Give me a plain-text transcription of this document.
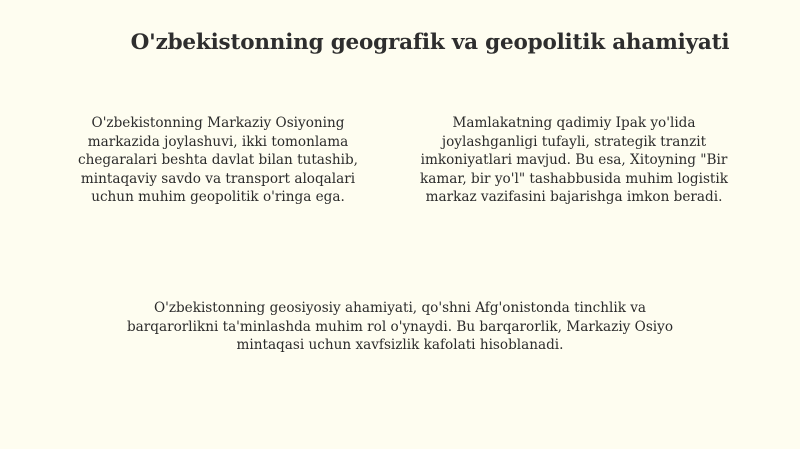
O'zbekistonning geografik va geopolitik ahamiyati

O'zbekistonning Markaziy Osiyoning markazida joylashuvi, ikki tomonlama chegaralari beshta davlat bilan tutashib, mintaqaviy savdo va transport aloqalari uchun muhim geopolitik o'ringa ega.

Mamlakatning qadimiy Ipak yo'lida joylashganligi tufayli, strategik tranzit imkoniyatlari mavjud. Bu esa, Xitoyning "Bir kamar, bir yo'l" tashabbusida muhim logistik markaz vazifasini bajarishga imkon beradi.

O'zbekistonning geosiyosiy ahamiyati, qo'shni Afg'onistonda tinchlik va barqarorlikni ta'minlashda muhim rol o'ynaydi. Bu barqarorlik, Markaziy Osiyo mintaqasi uchun xavfsizlik kafolati hisoblanadi.
